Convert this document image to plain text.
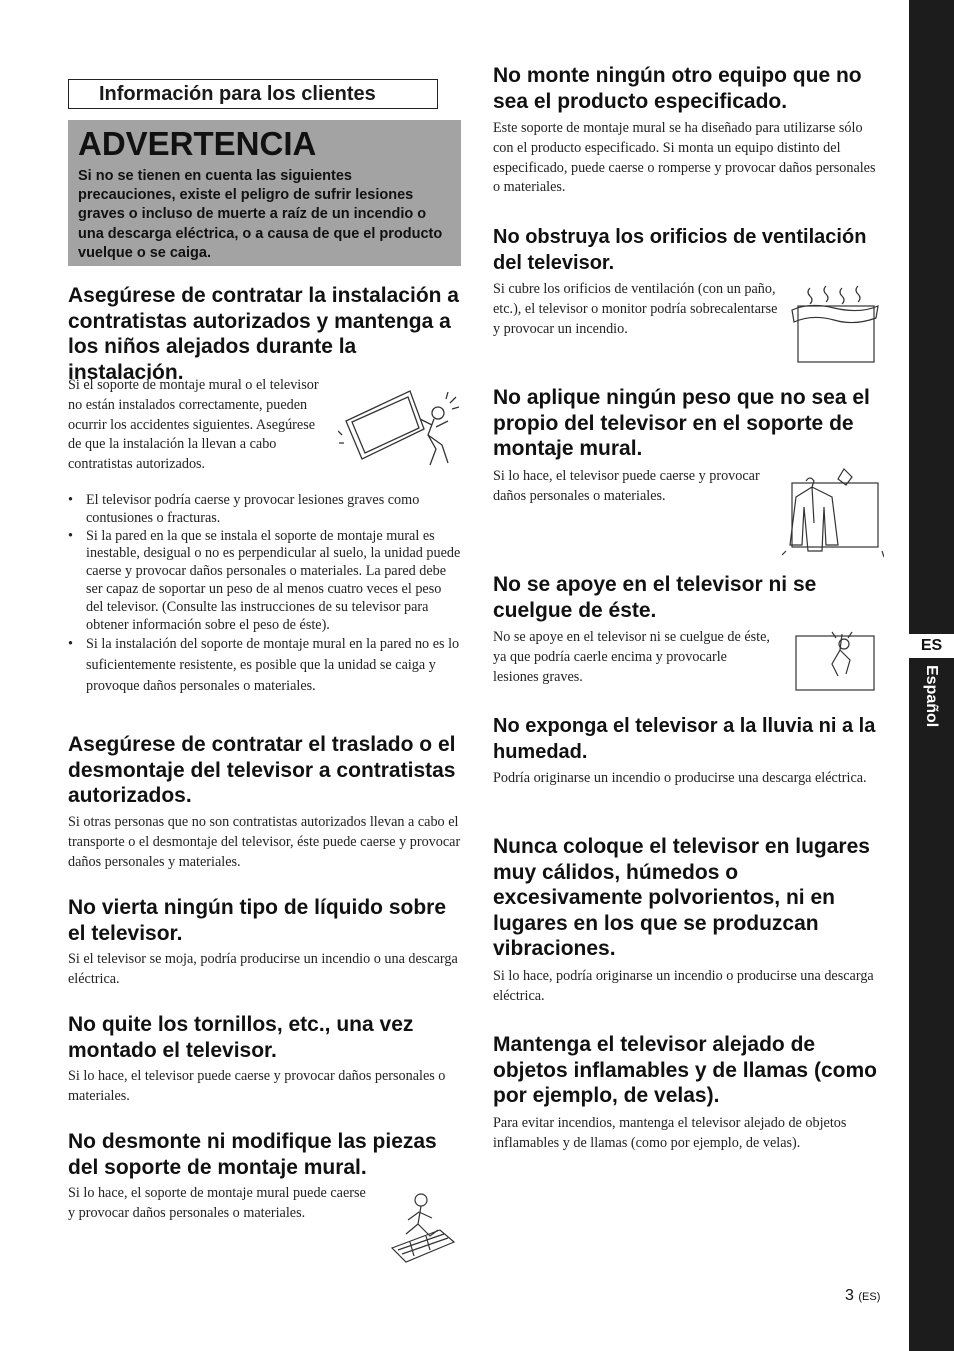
Información para los clientes
ADVERTENCIA
Si no se tienen en cuenta las siguientes precauciones, existe el peligro de sufrir lesiones graves o incluso de muerte a raíz de un incendio o una descarga eléctrica, o a causa de que el producto vuelque o se caiga.
Asegúrese de contratar la instalación a contratistas autorizados y mantenga a los niños alejados durante la instalación.

Si el soporte de montaje mural o el televisor no están instalados correctamente, pueden ocurrir los accidentes siguientes. Asegúrese de que la instalación la llevan a cabo contratistas autorizados.

• El televisor podría caerse y provocar lesiones graves como contusiones o fracturas.
• Si la pared en la que se instala el soporte de montaje mural es inestable, desigual o no es perpendicular al suelo, la unidad puede caerse y provocar daños personales o materiales. La pared debe ser capaz de soportar un peso de al menos cuatro veces el peso del televisor. (Consulte las instrucciones de su televisor para obtener información sobre el peso de éste).
• Si la instalación del soporte de montaje mural en la pared no es lo suficientemente resistente, es posible que la unidad se caiga y provoque daños personales o materiales.
Asegúrese de contratar el traslado o el desmontaje del televisor a contratistas autorizados.

Si otras personas que no son contratistas autorizados llevan a cabo el transporte o el desmontaje del televisor, éste puede caerse y provocar daños personales y materiales.

No vierta ningún tipo de líquido sobre el televisor.

Si el televisor se moja, podría producirse un incendio o una descarga eléctrica.

No quite los tornillos, etc., una vez montado el televisor.

Si lo hace, el televisor puede caerse y provocar daños personales o materiales.

No desmonte ni modifique las piezas del soporte de montaje mural.

Si lo hace, el soporte de montaje mural puede caerse y provocar daños personales o materiales.

No monte ningún otro equipo que no sea el producto especificado.

Este soporte de montaje mural se ha diseñado para utilizarse sólo con el producto especificado. Si monta un equipo distinto del especificado, puede caerse o romperse y provocar daños personales o materiales.

No obstruya los orificios de ventilación del televisor.

Si cubre los orificios de ventilación (con un paño, etc.), el televisor o monitor podría sobrecalentarse y provocar un incendio.

No aplique ningún peso que no sea el propio del televisor en el soporte de montaje mural.

Si lo hace, el televisor puede caerse y provocar daños personales o materiales.

No se apoye en el televisor ni se cuelgue de éste.

No se apoye en el televisor ni se cuelgue de éste, ya que podría caerle encima y provocarle lesiones graves.

No exponga el televisor a la lluvia ni a la humedad.

Podría originarse un incendio o producirse una descarga eléctrica.

Nunca coloque el televisor en lugares muy cálidos, húmedos o excesivamente polvorientos, ni en lugares en los que se produzcan vibraciones.

Si lo hace, podría originarse un incendio o producirse una descarga eléctrica.

Mantenga el televisor alejado de objetos inflamables y de llamas (como por ejemplo, de velas).

Para evitar incendios, mantenga el televisor alejado de objetos inflamables y de llamas (como por ejemplo, de velas).

ES
Español
3 (ES)
